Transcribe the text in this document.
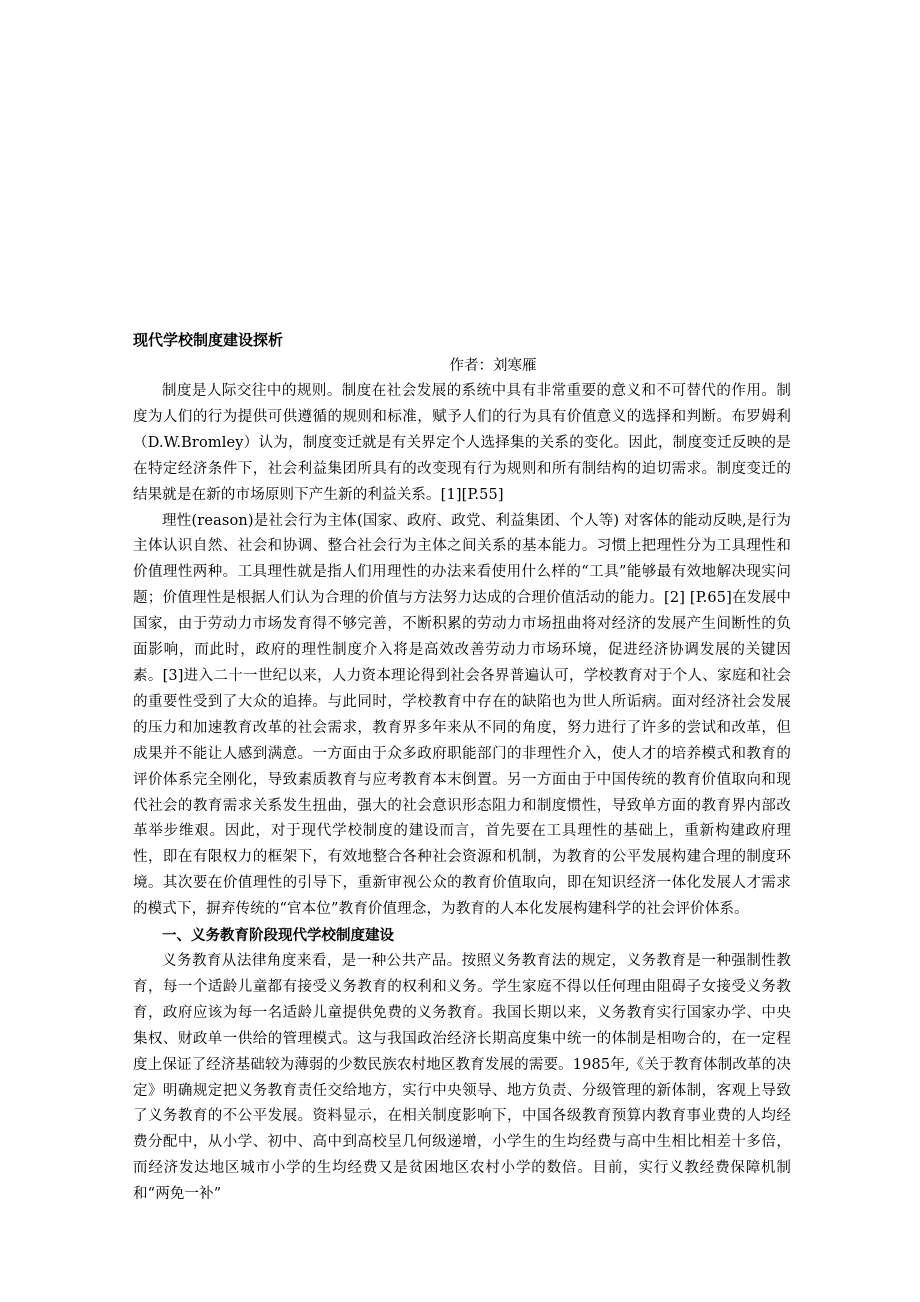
现代学校制度建设探析

作者：刘寒雁

制度是人际交往中的规则。制度在社会发展的系统中具有非常重要的意义和不可替代的作用。制度为人们的行为提供可供遵循的规则和标准，赋予人们的行为具有价值意义的选择和判断。布罗姆利（D.W.Bromley）认为，制度变迁就是有关界定个人选择集的关系的变化。因此，制度变迁反映的是在特定经济条件下，社会利益集团所具有的改变现有行为规则和所有制结构的迫切需求。制度变迁的结果就是在新的市场原则下产生新的利益关系。[1][P.55]

理性(reason)是社会行为主体(国家、政府、政党、利益集团、个人等) 对客体的能动反映,是行为主体认识自然、社会和协调、整合社会行为主体之间关系的基本能力。习惯上把理性分为工具理性和价值理性两种。工具理性就是指人们用理性的办法来看使用什么样的“工具”能够最有效地解决现实问题；价值理性是根据人们认为合理的价值与方法努力达成的合理价值活动的能力。[2] [P.65]在发展中国家，由于劳动力市场发育得不够完善，不断积累的劳动力市场扭曲将对经济的发展产生间断性的负面影响，而此时，政府的理性制度介入将是高效改善劳动力市场环境，促进经济协调发展的关键因素。[3]进入二十一世纪以来，人力资本理论得到社会各界普遍认可，学校教育对于个人、家庭和社会的重要性受到了大众的追捧。与此同时，学校教育中存在的缺陷也为世人所诟病。面对经济社会发展的压力和加速教育改革的社会需求，教育界多年来从不同的角度，努力进行了许多的尝试和改革，但成果并不能让人感到满意。一方面由于众多政府职能部门的非理性介入，使人才的培养模式和教育的评价体系完全刚化，导致素质教育与应考教育本末倒置。另一方面由于中国传统的教育价值取向和现代社会的教育需求关系发生扭曲，强大的社会意识形态阻力和制度惯性，导致单方面的教育界内部改革举步维艰。因此，对于现代学校制度的建设而言，首先要在工具理性的基础上，重新构建政府理性，即在有限权力的框架下，有效地整合各种社会资源和机制，为教育的公平发展构建合理的制度环境。其次要在价值理性的引导下，重新审视公众的教育价值取向，即在知识经济一体化发展人才需求的模式下，摒弃传统的“官本位”教育价值理念，为教育的人本化发展构建科学的社会评价体系。

一、义务教育阶段现代学校制度建设

义务教育从法律角度来看，是一种公共产品。按照义务教育法的规定，义务教育是一种强制性教育，每一个适龄儿童都有接受义务教育的权利和义务。学生家庭不得以任何理由阻碍子女接受义务教育，政府应该为每一名适龄儿童提供免费的义务教育。我国长期以来，义务教育实行国家办学、中央集权、财政单一供给的管理模式。这与我国政治经济长期高度集中统一的体制是相吻合的，在一定程度上保证了经济基础较为薄弱的少数民族农村地区教育发展的需要。1985年,《关于教育体制改革的决定》明确规定把义务教育责任交给地方，实行中央领导、地方负责、分级管理的新体制，客观上导致了义务教育的不公平发展。资料显示，在相关制度影响下，中国各级教育预算内教育事业费的人均经费分配中，从小学、初中、高中到高校呈几何级递增，小学生的生均经费与高中生相比相差十多倍，而经济发达地区城市小学的生均经费又是贫困地区农村小学的数倍。目前，实行义教经费保障机制和“两免一补”
